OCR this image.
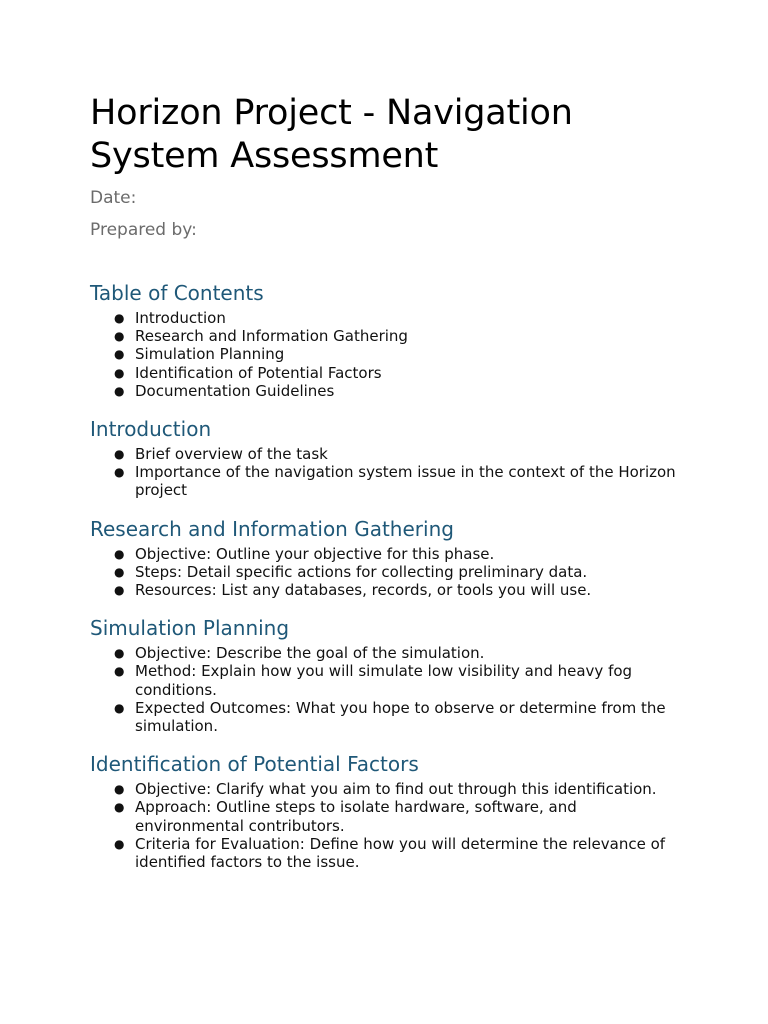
Horizon Project - Navigation System Assessment

Date:

Prepared by:

Table of Contents
● Introduction
● Research and Information Gathering
● Simulation Planning
● Identification of Potential Factors
● Documentation Guidelines
Introduction
● Brief overview of the task
● Importance of the navigation system issue in the context of the Horizon project
Research and Information Gathering
● Objective: Outline your objective for this phase.
● Steps: Detail specific actions for collecting preliminary data.
● Resources: List any databases, records, or tools you will use.
Simulation Planning
● Objective: Describe the goal of the simulation.
● Method: Explain how you will simulate low visibility and heavy fog conditions.
● Expected Outcomes: What you hope to observe or determine from the simulation.
Identification of Potential Factors
● Objective: Clarify what you aim to find out through this identification.
● Approach: Outline steps to isolate hardware, software, and environmental contributors.
● Criteria for Evaluation: Define how you will determine the relevance of identified factors to the issue.
